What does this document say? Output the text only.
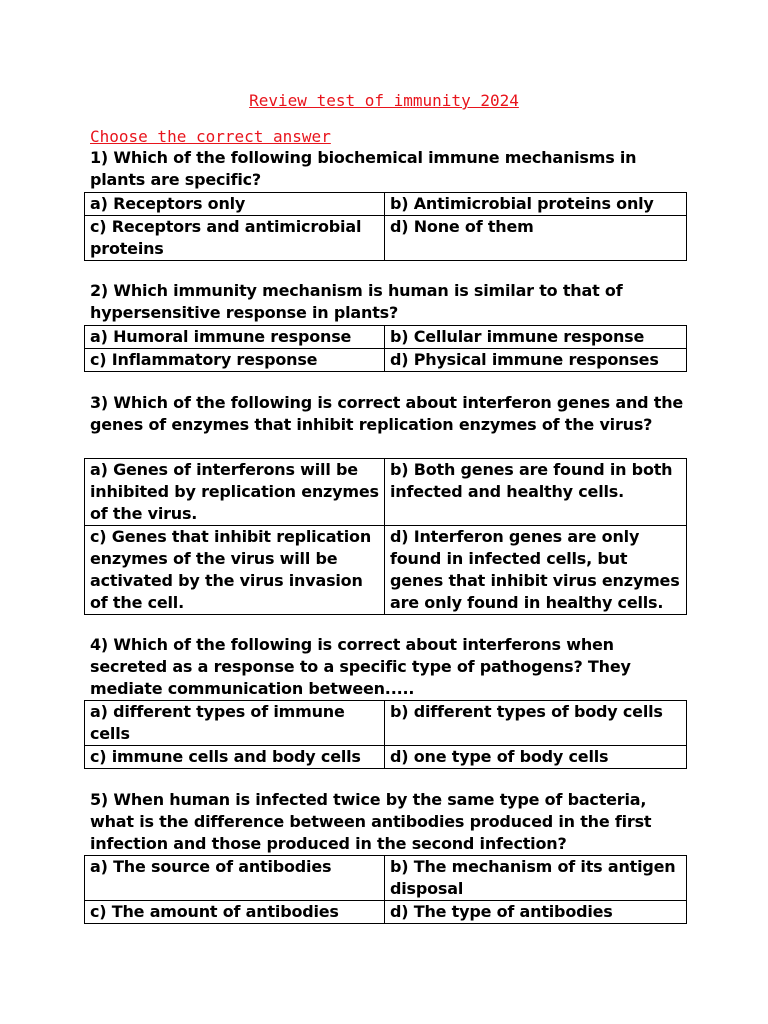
Review test of immunity 2024
Choose the correct answer
1) Which of the following biochemical immune mechanisms in plants are specific?
a) Receptors only	b) Antimicrobial proteins only
c) Receptors and antimicrobial proteins	d) None of them
2) Which immunity mechanism is human is similar to that of hypersensitive response in plants?
a) Humoral immune response	b) Cellular immune response
c) Inflammatory response	d) Physical immune responses
3) Which of the following is correct about interferon genes and the genes of enzymes that inhibit replication enzymes of the virus?
a) Genes of interferons will be inhibited by replication enzymes of the virus.	b) Both genes are found in both infected and healthy cells.
c) Genes that inhibit replication enzymes of the virus will be activated by the virus invasion of the cell.	d) Interferon genes are only found in infected cells, but genes that inhibit virus enzymes are only found in healthy cells.
4) Which of the following is correct about interferons when secreted as a response to a specific type of pathogens? They mediate communication between.....
a) different types of immune cells	b) different types of body cells
c) immune cells and body cells	d) one type of body cells
5) When human is infected twice by the same type of bacteria, what is the difference between antibodies produced in the first infection and those produced in the second infection?
a) The source of antibodies	b) The mechanism of its antigen disposal
c) The amount of antibodies	d) The type of antibodies
